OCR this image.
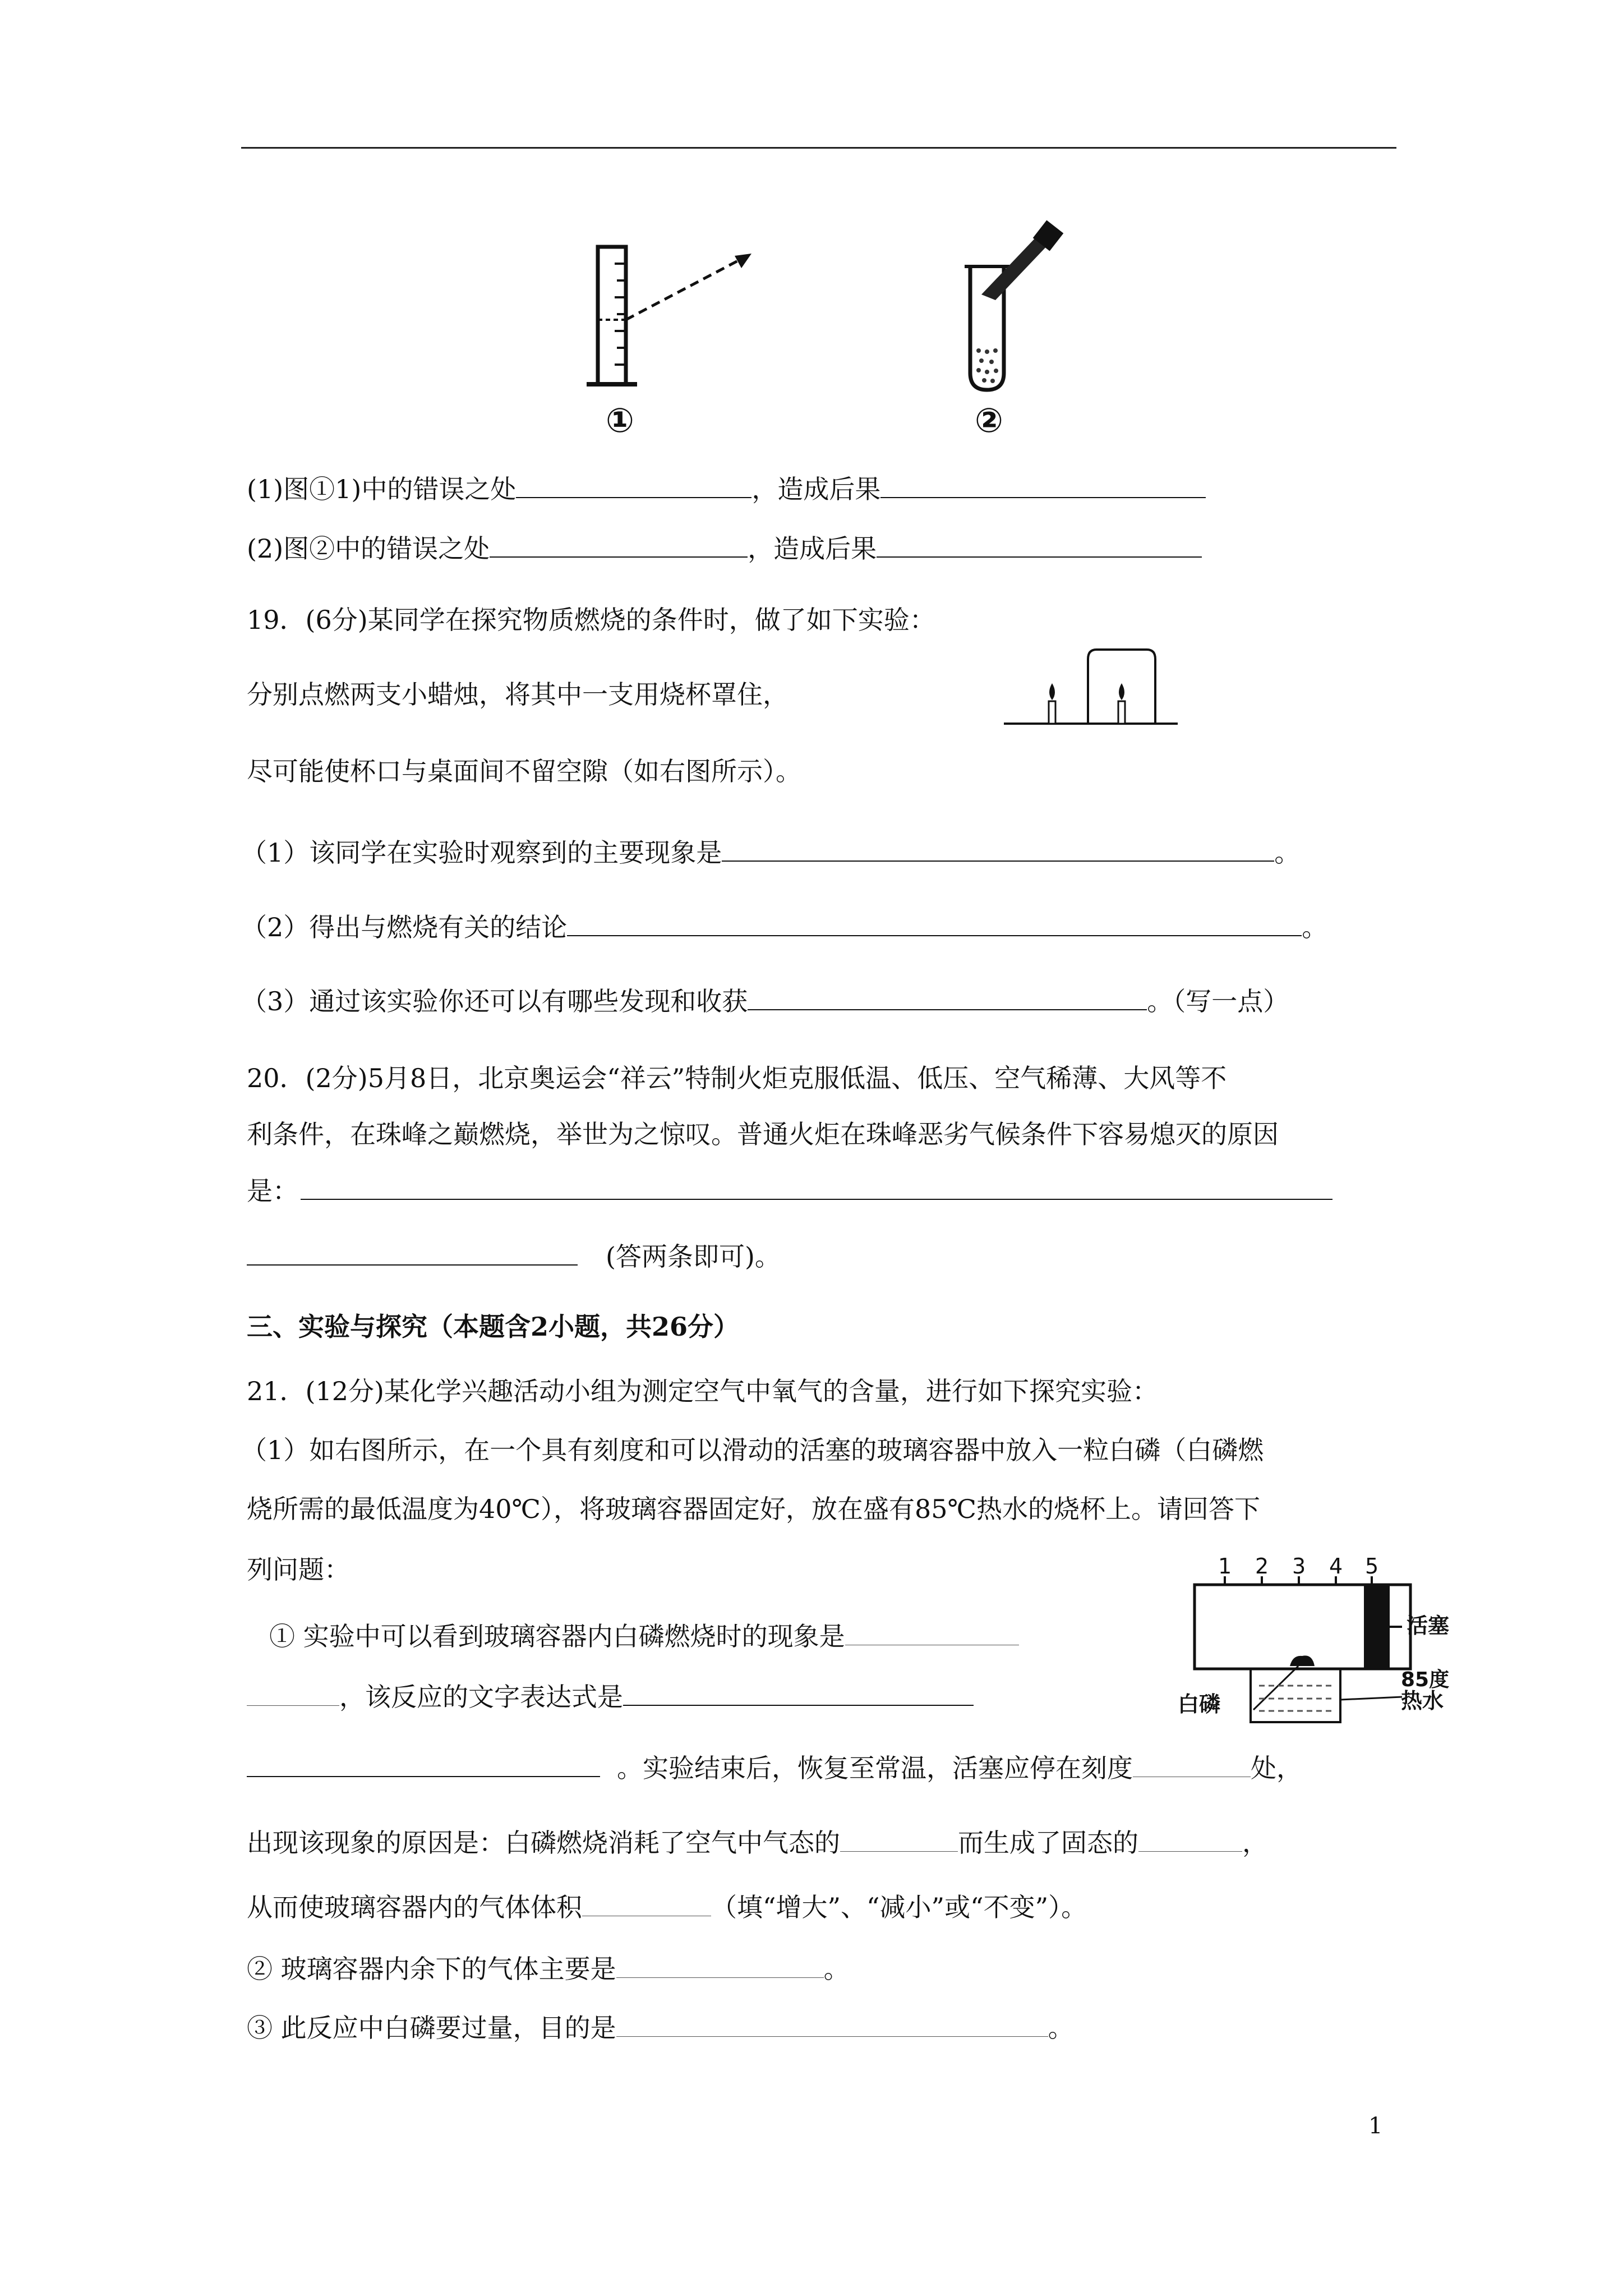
①	②
(1)图①1)中的错误之处	，造成后果
(2)图②中的错误之处	，造成后果
19．(6分)某同学在探究物质燃烧的条件时，做了如下实验：
分别点燃两支小蜡烛，将其中一支用烧杯罩住，
尽可能使杯口与桌面间不留空隙（如右图所示）。
（1）该同学在实验时观察到的主要现象是	。
（2）得出与燃烧有关的结论	。
（3）通过该实验你还可以有哪些发现和收获	。（写一点）
20．(2分)5月8日，北京奥运会“祥云”特制火炬克服低温、低压、空气稀薄、大风等不
利条件，在珠峰之巅燃烧，举世为之惊叹。普通火炬在珠峰恶劣气候条件下容易熄灭的原因
是：
(答两条即可)。
三、实验与探究（本题含2小题，共26分）
21．(12分)某化学兴趣活动小组为测定空气中氧气的含量，进行如下探究实验：
（1）如右图所示，在一个具有刻度和可以滑动的活塞的玻璃容器中放入一粒白磷（白磷燃
烧所需的最低温度为40℃），将玻璃容器固定好，放在盛有85℃热水的烧杯上。请回答下
列问题：	1 2 3 4 5
活塞
白磷
85度
热水
① 实验中可以看到玻璃容器内白磷燃烧时的现象是
，该反应的文字表达式是
。实验结束后，恢复至常温，活塞应停在刻度	处，
出现该现象的原因是：白磷燃烧消耗了空气中气态的	而生成了固态的	，
从而使玻璃容器内的气体体积	（填“增大”、“减小”或“不变”）。
② 玻璃容器内余下的气体主要是	。
③ 此反应中白磷要过量，目的是	。
1
